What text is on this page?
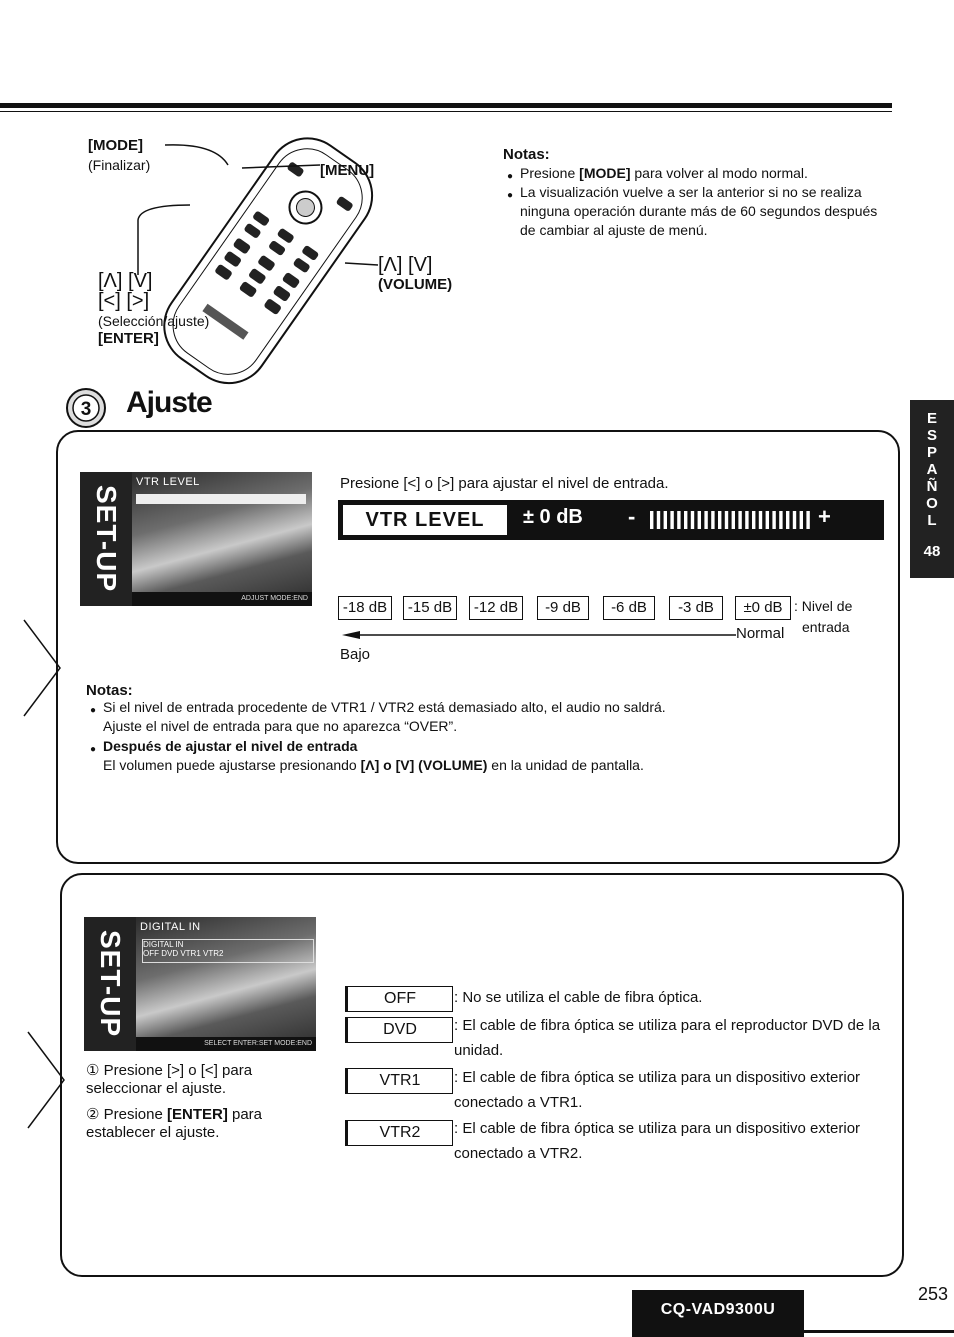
[MODE]
(Finalizar)	[MENU]
[Λ] [V]
[<] [>]
(Selección/ajuste)
[ENTER]
[Λ] [V]
(VOLUME)
Notas:
Presione [MODE] para volver al modo normal.
La visualización vuelve a ser la anterior si no se realiza ninguna operación durante más de 60 segundos después de cambiar al ajuste de menú.
3 Ajuste	E
S
P
A
Ñ
O
L
48
SET-UP
VTR LEVEL
ADJUST MODE:END
Presione [<] o [>] para ajustar el nivel de entrada.
VTR LEVEL	± 0 dB -	+
-18 dB	-15 dB	-12 dB	-9 dB	-6 dB	-3 dB	±0 dB : Nivel de
entrada
Normal
Bajo
Notas:
Si el nivel de entrada procedente de VTR1 / VTR2 está demasiado alto, el audio no saldrá.
Ajuste el nivel de entrada para que no aparezca “OVER”.
Después de ajustar el nivel de entrada
El volumen puede ajustarse presionando [Λ] o [V] (VOLUME) en la unidad de pantalla.
SET-UP
DIGITAL IN
DIGITAL IN
OFF DVD VTR1 VTR2
SELECT ENTER:SET MODE:END
① Presione [>] o [<] para seleccionar el ajuste.
② Presione [ENTER] para establecer el ajuste.
OFF	: No se utiliza el cable de fibra óptica.
DVD	: El cable de fibra óptica se utiliza para el reproductor DVD de la unidad.
VTR1	: El cable de fibra óptica se utiliza para un dispositivo exterior conectado a VTR1.
VTR2	: El cable de fibra óptica se utiliza para un dispositivo exterior conectado a VTR2.
CQ-VAD9300U
253
